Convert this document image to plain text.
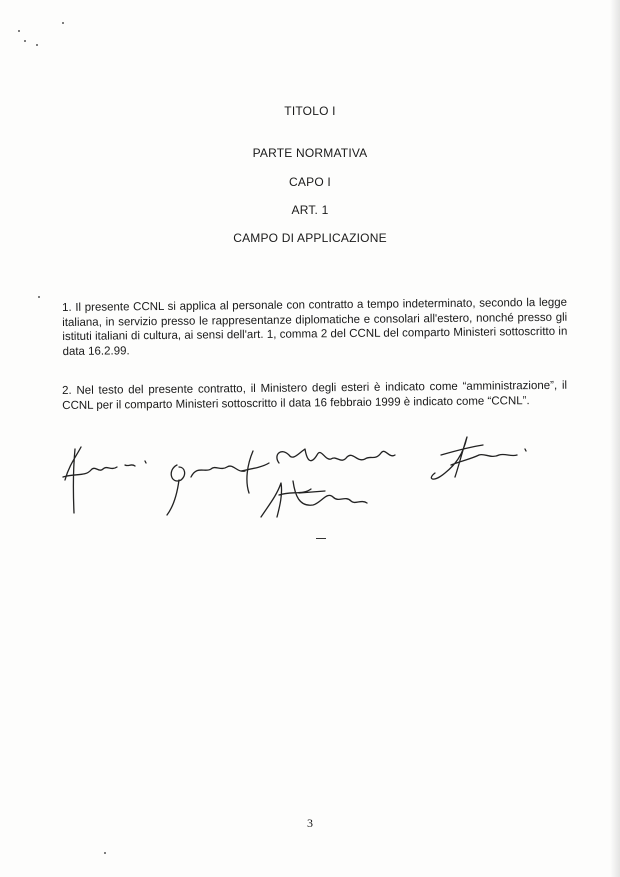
TITOLO I
PARTE NORMATIVA
CAPO I
ART. 1
CAMPO DI APPLICAZIONE
1. Il presente CCNL si applica al personale con contratto a tempo indeterminato, secondo la legge italiana, in servizio presso le rappresentanze diplomatiche e consolari all'estero, nonché presso gli istituti italiani di cultura, ai sensi dell'art. 1, comma 2 del CCNL del comparto Ministeri sottoscritto in data 16.2.99.
2. Nel testo del presente contratto, il Ministero degli esteri è indicato come “amministrazione”, il CCNL per il comparto Ministeri sottoscritto il data 16 febbraio 1999 è indicato come “CCNL”.
3
